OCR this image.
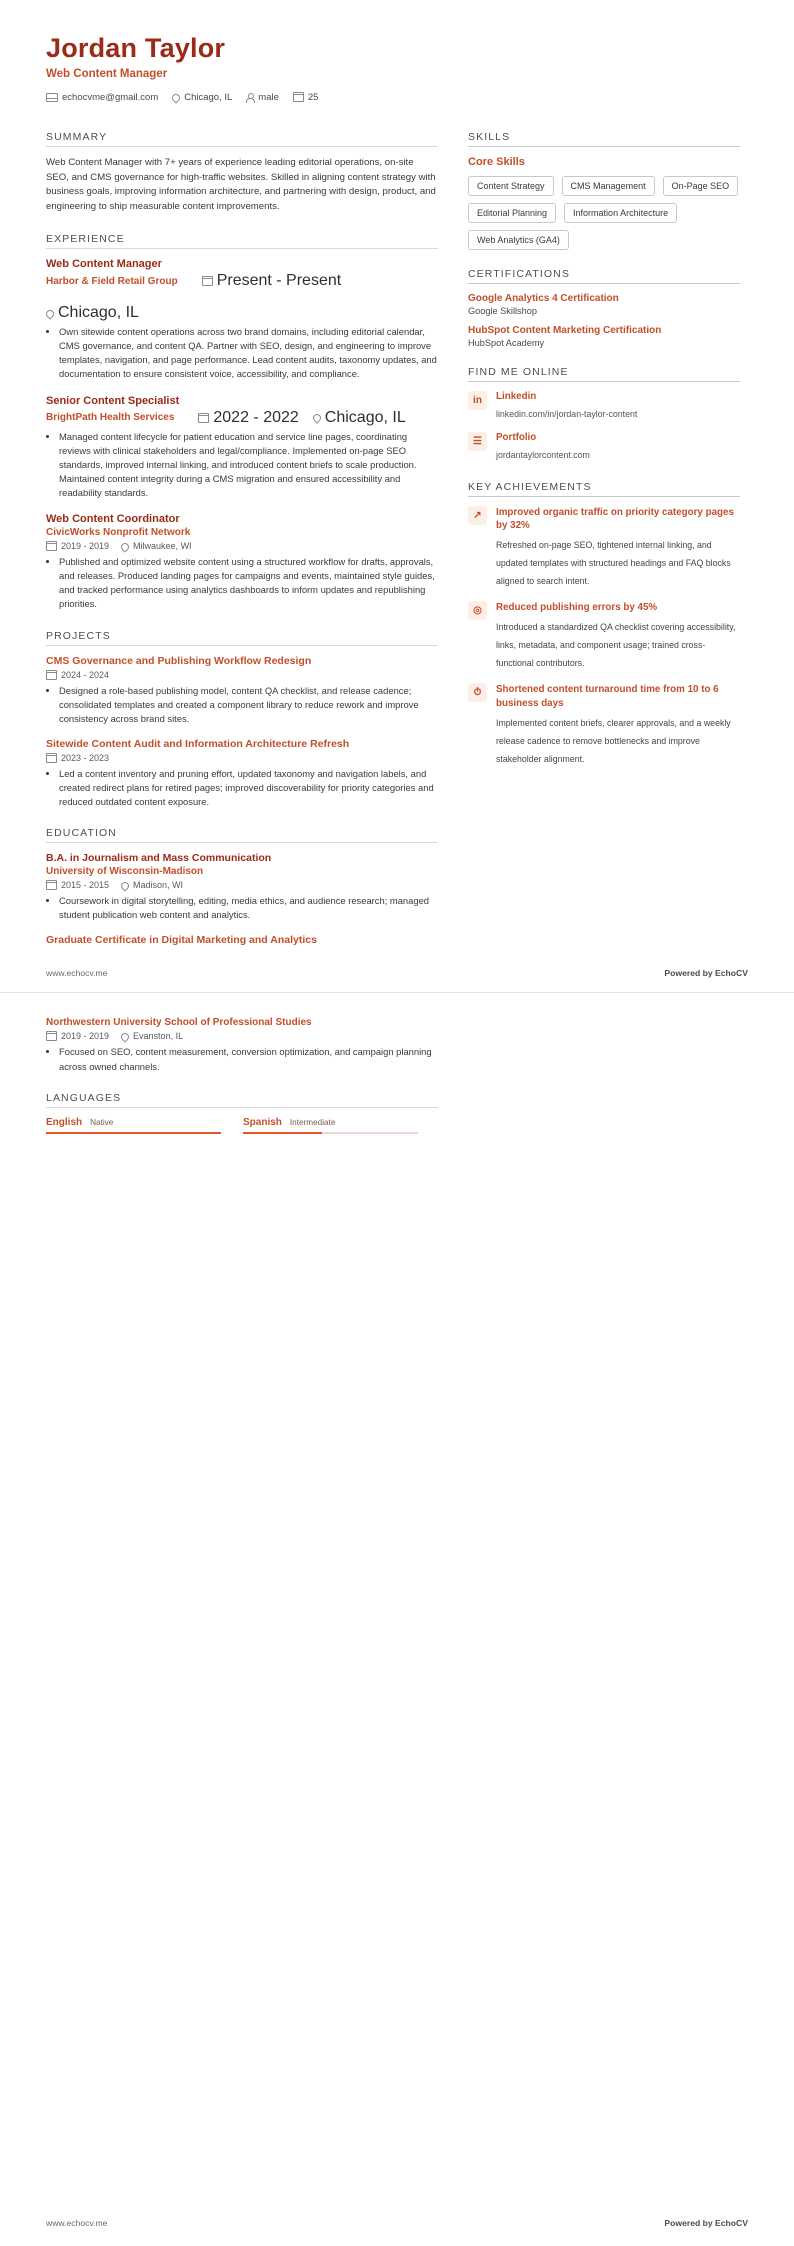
Jordan Taylor
Web Content Manager
echocvme@gmail.com	Chicago, IL	male	25
SUMMARY

Web Content Manager with 7+ years of experience leading editorial operations, on-site SEO, and CMS governance for high-traffic websites. Skilled in aligning content strategy with business goals, improving information architecture, and partnering with design, product, and engineering to ship measurable content improvements.

EXPERIENCE
Web Content Manager
Harbor & Field Retail Group Present - Present
Chicago, IL
• Own sitewide content operations across two brand domains, including editorial calendar, CMS governance, and content QA. Partner with SEO, design, and engineering to improve templates, navigation, and page performance. Lead content audits, taxonomy updates, and documentation to ensure consistent voice, accessibility, and compliance.
Senior Content Specialist
BrightPath Health Services 2022 - 2022 Chicago, IL
• Managed content lifecycle for patient education and service line pages, coordinating reviews with clinical stakeholders and legal/compliance. Implemented on-page SEO standards, improved internal linking, and introduced content briefs to scale production. Maintained content integrity during a CMS migration and ensured accessibility and readability standards.
Web Content Coordinator
CivicWorks Nonprofit Network
2019 - 2019	Milwaukee, WI
• Published and optimized website content using a structured workflow for drafts, approvals, and releases. Produced landing pages for campaigns and events, maintained style guides, and tracked performance using analytics dashboards to inform updates and republishing priorities.
PROJECTS
CMS Governance and Publishing Workflow Redesign
2024 - 2024
• Designed a role-based publishing model, content QA checklist, and release cadence; consolidated templates and created a component library to reduce rework and improve consistency across brand sites.
Sitewide Content Audit and Information Architecture Refresh
2023 - 2023
• Led a content inventory and pruning effort, updated taxonomy and navigation labels, and created redirect plans for retired pages; improved discoverability for priority categories and reduced outdated content exposure.
EDUCATION
B.A. in Journalism and Mass Communication
University of Wisconsin-Madison
2015 - 2015	Madison, WI
• Coursework in digital storytelling, editing, media ethics, and audience research; managed student publication web content and analytics.
Graduate Certificate in Digital Marketing and Analytics
SKILLS
Core Skills
Content Strategy	CMS Management	On-Page SEO
Editorial Planning	Information Architecture
Web Analytics (GA4)
CERTIFICATIONS
Google Analytics 4 Certification
Google Skillshop
HubSpot Content Marketing Certification
HubSpot Academy
FIND ME ONLINE
in	Linkedin
linkedin.com/in/jordan-taylor-content
☰	Portfolio
jordantaylorcontent.com
KEY ACHIEVEMENTS
↗	Improved organic traffic on priority category pages by 32%
Refreshed on-page SEO, tightened internal linking, and updated templates with structured headings and FAQ blocks aligned to search intent.
◎	Reduced publishing errors by 45%
Introduced a standardized QA checklist covering accessibility, links, metadata, and component usage; trained cross-functional contributors.
⏱	Shortened content turnaround time from 10 to 6 business days
Implemented content briefs, clearer approvals, and a weekly release cadence to remove bottlenecks and improve stakeholder alignment.
www.echocv.me	Powered by EchoCV
Northwestern University School of Professional Studies
2019 - 2019	Evanston, IL
• Focused on SEO, content measurement, conversion optimization, and campaign planning across owned channels.
LANGUAGES
English Native	Spanish Intermediate
www.echocv.me	Powered by EchoCV
